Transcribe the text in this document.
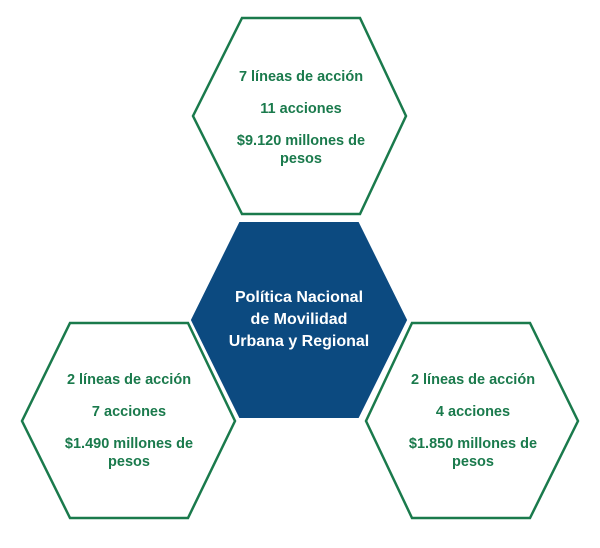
7 líneas de acción
11 acciones
$9.120 millones de pesos
Política Nacional de Movilidad Urbana y Regional
2 líneas de acción
7 acciones
$1.490 millones de pesos
2 líneas de acción
4 acciones
$1.850 millones de pesos
